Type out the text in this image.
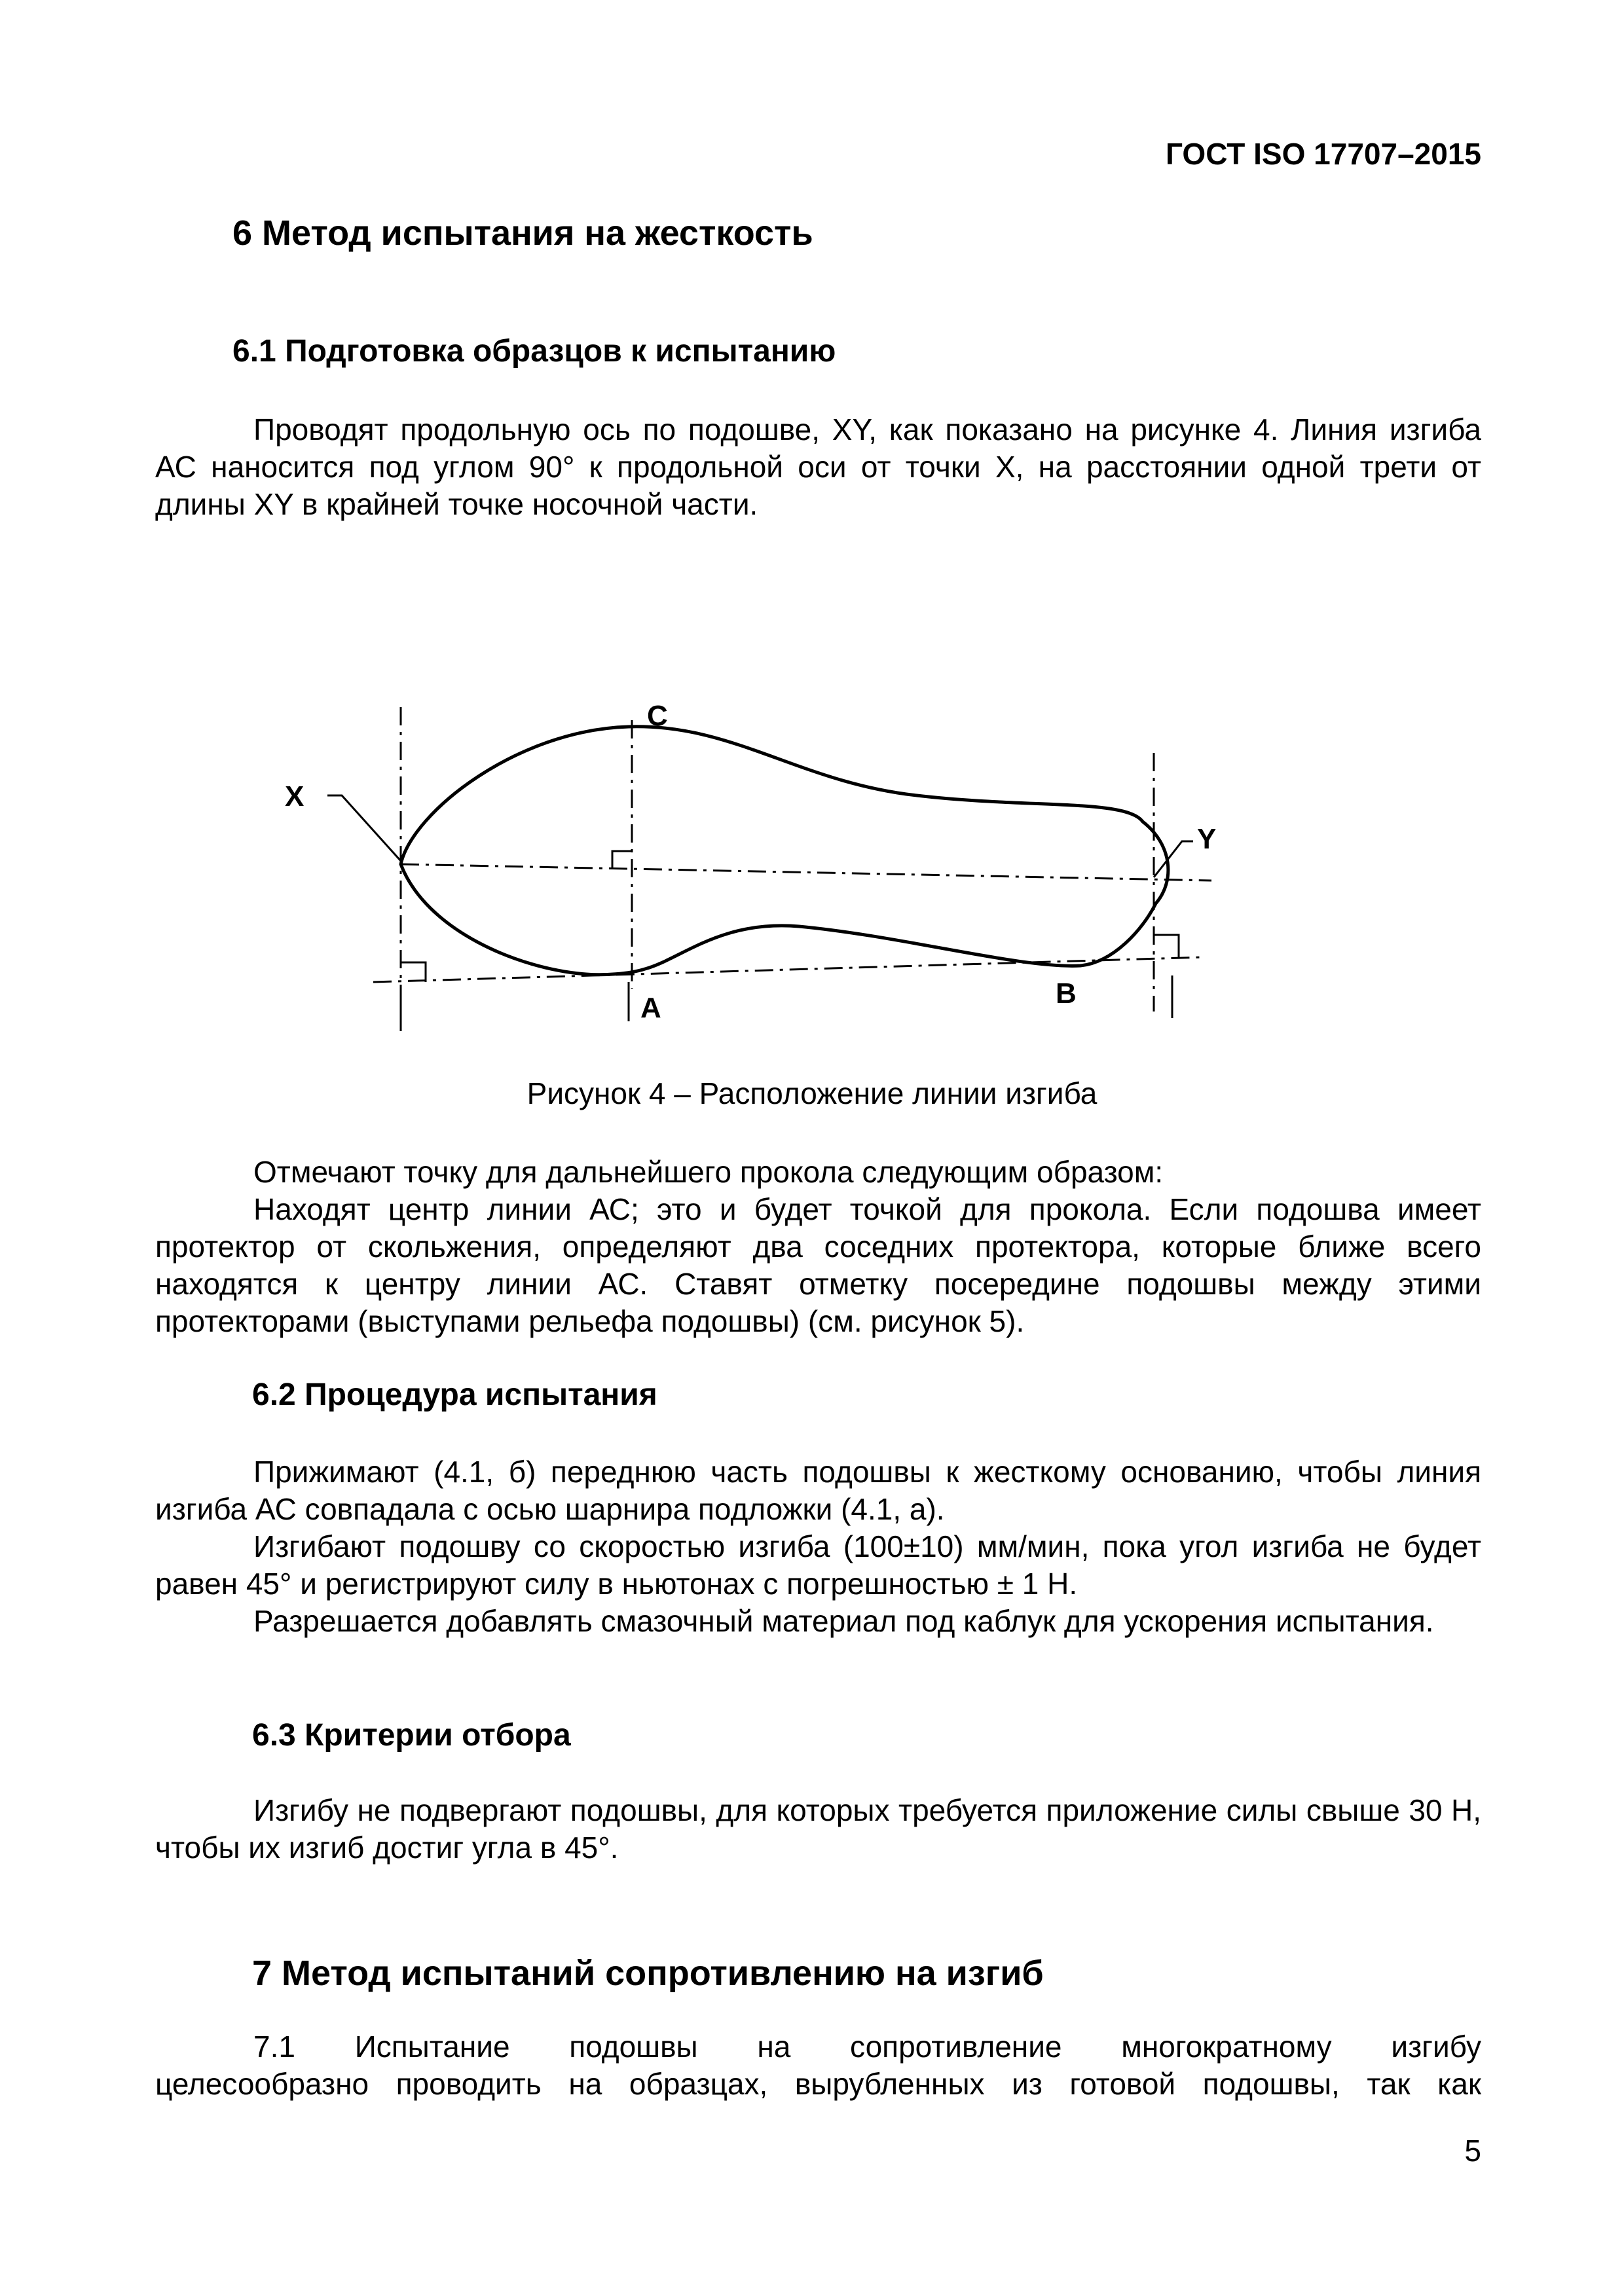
ГОСТ ISO 17707–2015
6 Метод испытания на жесткость
6.1 Подготовка образцов к испытанию

Проводят продольную ось по подошве, XY, как показано на рисунке 4. Линия изгиба АС наносится под углом 90° к продольной оси от точки Х, на расстоянии одной трети от длины XY в крайней точке носочной части.

X
C
Y
A	B
Рисунок 4 – Расположение линии изгиба

Отмечают точку для дальнейшего прокола следующим образом:

Находят центр линии АС; это и будет точкой для прокола. Если подошва имеет протектор от скольжения, определяют два соседних протектора, которые ближе всего находятся к центру линии АС. Ставят отметку посередине подошвы между этими протекторами (выступами рельефа подошвы) (см. рисунок 5).

6.2 Процедура испытания

Прижимают (4.1, б) переднюю часть подошвы к жесткому основанию, чтобы линия изгиба АС совпадала с осью шарнира подложки (4.1, а).

Изгибают подошву со скоростью изгиба (100±10) мм/мин, пока угол изгиба не будет равен 45° и регистрируют силу в ньютонах с погрешностью ± 1 Н.

Разрешается добавлять смазочный материал под каблук для ускорения испытания.

6.3 Критерии отбора

Изгибу не подвергают подошвы, для которых требуется приложение силы свыше 30 Н, чтобы их изгиб достиг угла в 45°.

7 Метод испытаний сопротивлению на изгиб
7.1 Испытание подошвы на сопротивление многократному изгибу
целесообразно проводить на образцах, вырубленных из готовой подошвы, так как
5
